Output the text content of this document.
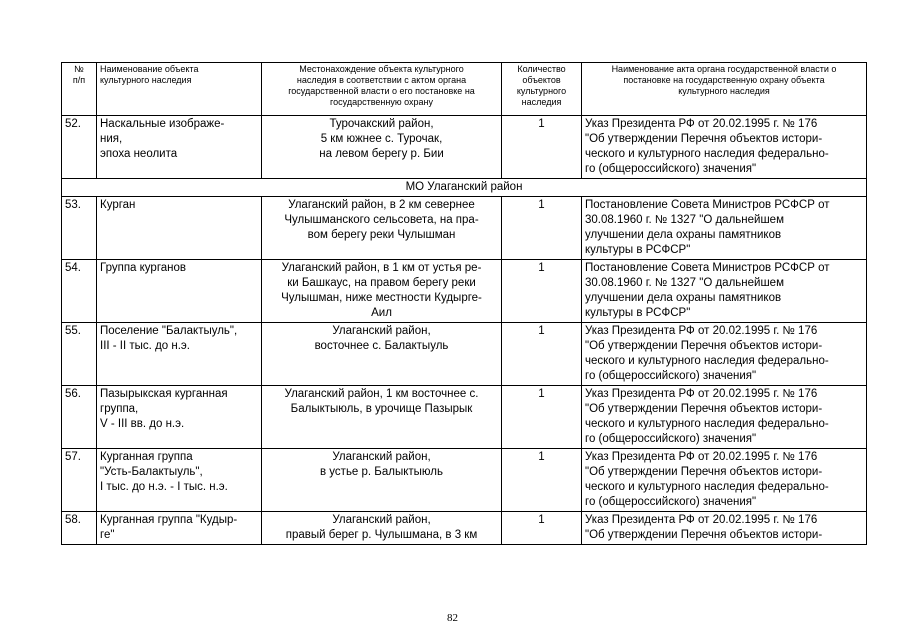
№
п/п	Наименование объекта
культурного наследия	Местонахождение объекта культурного
наследия в соответствии с актом органа
государственной власти о его постановке на
государственную охрану	Количество
объектов
культурного
наследия	Наименование акта органа государственной власти о
постановке на государственную охрану объекта
культурного наследия

52.	Наскальные изображе-
ния,
эпоха неолита	Турочакский район,
5 км южнее с. Турочак,
на левом берегу р. Бии	1	Указ Президента РФ от 20.02.1995 г. № 176
"Об утверждении Перечня объектов истори-
ческого и культурного наследия федерально-
го (общероссийского) значения"

МО Улаганский район				

53.	Курган	Улаганский район, в 2 км севернее
Чулышманского сельсовета, на пра-
вом берегу реки Чулышман	1	Постановление Совета Министров РСФСР от
30.08.1960 г. № 1327 "О дальнейшем
улучшении дела охраны памятников
культуры в РСФСР"

54.	Группа курганов	Улаганский район, в 1 км от устья ре-
ки Башкаус, на правом берегу реки
Чулышман, ниже местности Кудырге-
Аил	1	Постановление Совета Министров РСФСР от
30.08.1960 г. № 1327 "О дальнейшем
улучшении дела охраны памятников
культуры в РСФСР"

55.	Поселение "Балактыуль",
III - II тыс. до н.э.	Улаганский район,
восточнее с. Балактыуль	1	Указ Президента РФ от 20.02.1995 г. № 176
"Об утверждении Перечня объектов истори-
ческого и культурного наследия федерально-
го (общероссийского) значения"

56.	Пазырыкская курганная
группа,
V - III вв. до н.э.	Улаганский район, 1 км восточнее с.
Балыктыюль, в урочище Пазырык	1	Указ Президента РФ от 20.02.1995 г. № 176
"Об утверждении Перечня объектов истори-
ческого и культурного наследия федерально-
го (общероссийского) значения"

57.	Курганная группа
"Усть-Балактыуль",
I тыс. до н.э. - I тыс. н.э.	Улаганский район,
в устье р. Балыктыюль	1	Указ Президента РФ от 20.02.1995 г. № 176
"Об утверждении Перечня объектов истори-
ческого и культурного наследия федерально-
го (общероссийского) значения"

58.	Курганная группа "Кудыр-
ге"	Улаганский район,
правый берег р. Чулышмана, в 3 км	1	Указ Президента РФ от 20.02.1995 г. № 176
"Об утверждении Перечня объектов истори-
82
